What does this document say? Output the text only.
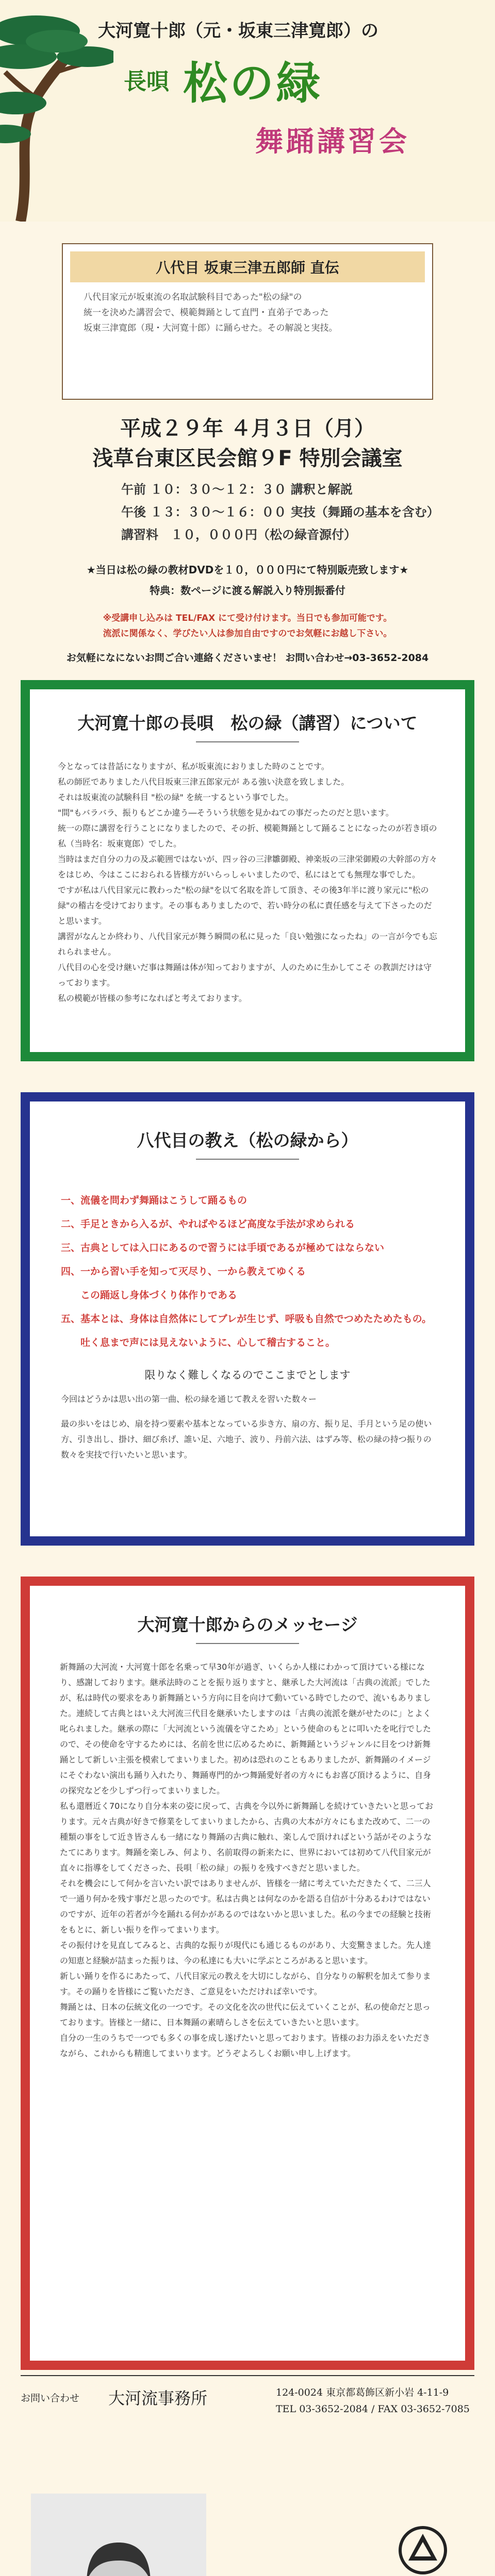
大河寛十郎（元・坂東三津寛郎）の
長唄 松の緑
舞踊講習会
八代目 坂東三津五郎師 直伝
八代目家元が坂東流の名取試験科目であった"松の緑"の
統一を決めた講習会で、模範舞踊として直門・直弟子であった
坂東三津寛郎（現・大河寛十郎）に踊らせた。その解説と実技。
平成２９年 ４月３日（月）
浅草台東区民会館９F 特別会議室
午前 １０：３０～１２：３０ 講釈と解説
午後 １３：３０～１６：００ 実技（舞踊の基本を含む）
講習料　１０，０００円（松の緑音源付）
★当日は松の緑の教材DVDを１０，０００円にて特別販売致します★
特典：数ページに渡る解説入り特別振番付
※受講申し込みは TEL/FAX にて受け付けます。当日でも参加可能です。
流派に関係なく、学びたい人は参加自由ですのでお気軽にお越し下さい。
お気軽になにないお問ご合い連絡くださいませ！ お問い合わせ→03-3652-2084
大河寛十郎の長唄　松の緑（講習）について

今となっては昔話になりますが、私が坂東流におりました時のことです。

私の師匠でありました八代目坂東三津五郎家元が ある強い決意を致しました。

それは坂東流の試験科目 "松の緑" を統一するという事でした。

"間"もバラバラ、振りもどこか違う―そういう状態を見かねての事だったのだと思います。

統一の際に講習を行うことになりましたので、その折、模範舞踊として踊ることになったのが若き頃の私（当時名：坂東寛郎）でした。

当時はまだ自分の力の及ぶ範囲ではないが、四ッ谷の三津雛御殿、神楽坂の三津栄御殿の大幹部の方々をはじめ、今はここにおられる皆様方がいらっしゃいましたので、私にはとても無理な事でした。

ですが私は八代目家元に教わった"松の緑"を以て名取を許して頂き、その後3年半に渡り家元に"松の緑"の稽古を受けております。その事もありましたので、若い時分の私に責任感を与えて下さったのだと思います。

講習がなんとか終わり、八代目家元が舞う瞬間の私に見った「良い勉強になったね」の一言が今でも忘れられません。

八代目の心を受け継いだ事は舞踊は体が知っておりますが、人のために生かしてこそ の教訓だけは守っております。

私の模範が皆様の参考になればと考えております。

八代目の教え（松の緑から）

一、流儀を問わず舞踊はこうして踊るもの

二、手足ときから入るが、やればやるほど高度な手法が求められる

三、古典としては入口にあるので習うには手頃であるが極めてはならない

四、一から習い手を知って灭尽り、一から教えてゆくる

　　この踊返し身体づくり体作りである

五、基本とは、身体は自然体にしてブレが生じず、呼吸も自然でつめたためたもの。

　　吐く息まで声には見えないように、心して稽古すること。

限りなく難しくなるのでここまでとします

今回はどうかは思い出の第一曲、松の緑を通じて教えを習いた数々ー

最の歩いをはじめ、扇を持つ要素や基本となっている歩き方、扇の方、振り足、手月という足の使い方、引き出し、掛け、細び糸げ、誰い足、六地子、波り、丹前六法、はずみ等、松の緑の持つ振りの数々を実技で行いたいと思います。

大河寛十郎からのメッセージ

新舞踊の大河流・大河寛十郎を名乗って早30年が過ぎ、いくらか人様にわかって頂けている様になり、感謝しております。継承法時のことを振り返りますと、継承した大河流は「古典の流派」でしたが、私は時代の要求をあり新舞踊という方向に目を向けて動いている時でしたので、流いもありました。連続して古典とはいえ大河流三代目を継承いたしますのは「古典の流派を継がせたのに」とよく叱られました。継承の際に「大河流という流儀を守こため」という使命のもとに叩いたを叱行でしたので、その使命を守するためには、名前を世に広めるために、新舞踊というジャンルに目をつけ新舞踊として新しい主張を模索してまいりました。初めは恐れのこともありましたが、新舞踊のイメージにそぐわない演出も踊り入れたり、舞踊専門的かつ舞踊愛好者の方々にもお喜び頂けるように、自身の探究などを少しずつ行ってまいりました。

私も還暦近く70になり自分本来の姿に戻って、古典を今以外に新舞踊しを続けていきたいと思っております。元々古典が好きで修業をしてまいりましたから、古典の大本が方々にもまた改めて、二一の種類の事をして近き皆さんも一緒になり舞踊の古典に触れ、楽しんで頂ければという話がそのようなたてにあります。舞踊を楽しみ、何より、名前取得の新来たに、世界においては初めて八代目家元が直々に指導をしてくださった、長唄「松の緑」の振りを残すべきだと思いました。

それを機会にして何かを言いたい訳ではありませんが、皆様を一緒に考えていただきたくて、二三人で一通り何かを残す事だと思ったのです。私は古典とは何なのかを語る自信が十分あるわけではないのですが、近年の若者が今を踊れる何かがあるのではないかと思いました。私の今までの経験と技術をもとに、新しい振りを作ってまいります。

その振付けを見直してみると、古典的な振りが現代にも通じるものがあり、大変驚きました。先人達の知恵と経験が詰まった振りは、今の私達にも大いに学ぶところがあると思います。

新しい踊りを作るにあたって、八代目家元の教えを大切にしながら、自分なりの解釈を加えて参ります。その踊りを皆様にご覧いただき、ご意見をいただければ幸いです。

舞踊とは、日本の伝統文化の一つです。その文化を次の世代に伝えていくことが、私の使命だと思っております。皆様と一緒に、日本舞踊の素晴らしさを伝えていきたいと思います。

自分の一生のうちで一つでも多くの事を成し遂げたいと思っております。皆様のお力添えをいただきながら、これからも精進してまいります。どうぞよろしくお願い申し上げます。

お問い合わせ 大河流事務所	124-0024 東京都葛飾区新小岩 4-11-9
TEL 03-3652-2084 / FAX 03-3652-7085
